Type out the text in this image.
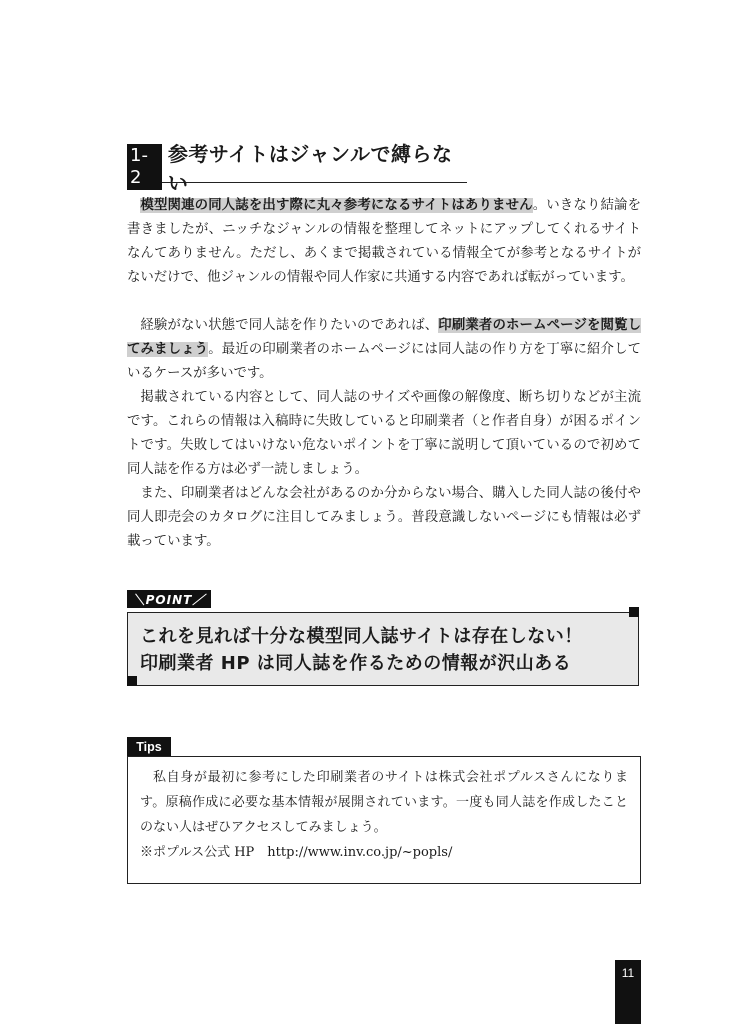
1-2
参考サイトはジャンルで縛らない

模型関連の同人誌を出す際に丸々参考になるサイトはありません。いきなり結論を書きましたが、ニッチなジャンルの情報を整理してネットにアップしてくれるサイトなんてありません。ただし、あくまで掲載されている情報全てが参考となるサイトがないだけで、他ジャンルの情報や同人作家に共通する内容であれば転がっています。

経験がない状態で同人誌を作りたいのであれば、印刷業者のホームページを閲覧してみましょう。最近の印刷業者のホームページには同人誌の作り方を丁寧に紹介しているケースが多いです。

掲載されている内容として、同人誌のサイズや画像の解像度、断ち切りなどが主流です。これらの情報は入稿時に失敗していると印刷業者（と作者自身）が困るポイントです。失敗してはいけない危ないポイントを丁寧に説明して頂いているので初めて同人誌を作る方は必ず一読しましょう。

また、印刷業者はどんな会社があるのか分からない場合、購入した同人誌の後付や同人即売会のカタログに注目してみましょう。普段意識しないページにも情報は必ず載っています。

＼POINT／
これを見れば十分な模型同人誌サイトは存在しない！
印刷業者 HP は同人誌を作るための情報が沢山ある
Tips

私自身が最初に参考にした印刷業者のサイトは株式会社ポプルスさんになります。原稿作成に必要な基本情報が展開されています。一度も同人誌を作成したことのない人はぜひアクセスしてみましょう。

※ポプルス公式 HP　http://www.inv.co.jp/~popls/

11
